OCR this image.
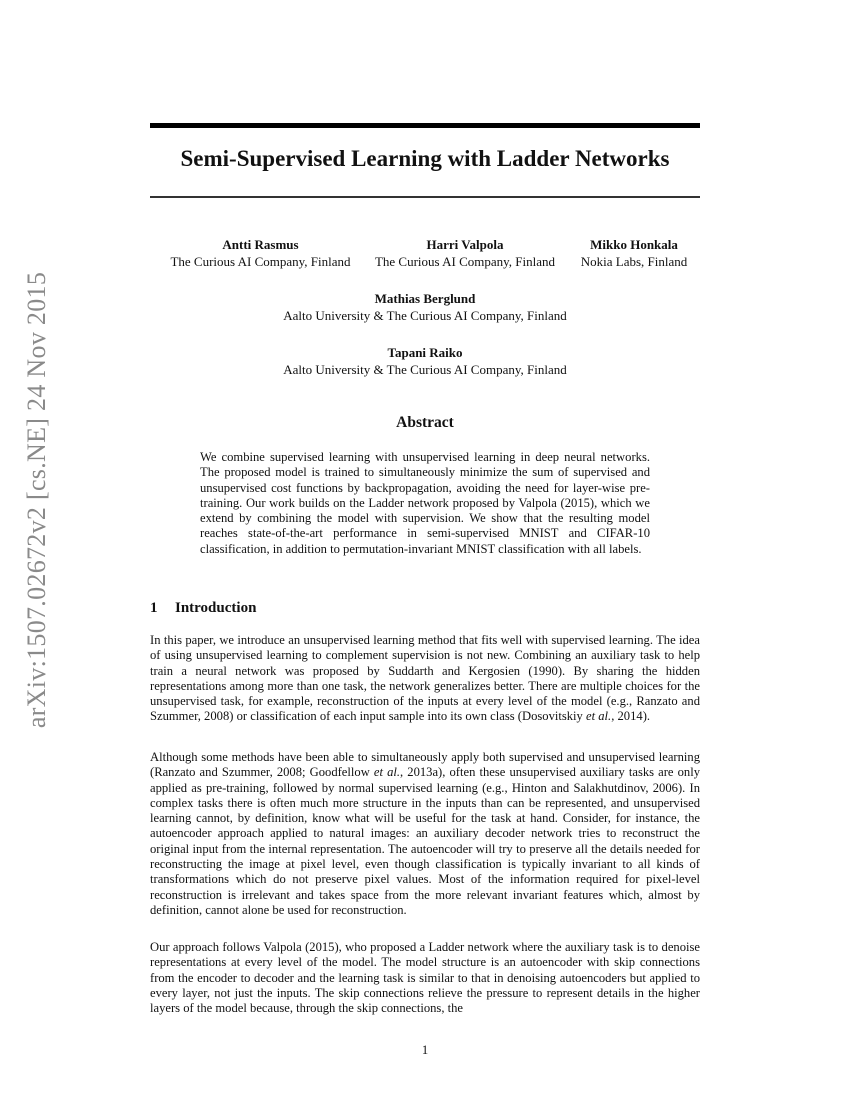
arXiv:1507.02672v2 [cs.NE] 24 Nov 2015
Semi-Supervised Learning with Ladder Networks
Antti Rasmus
The Curious AI Company, Finland
Harri Valpola
The Curious AI Company, Finland
Mikko Honkala
Nokia Labs, Finland
Mathias Berglund
Aalto University & The Curious AI Company, Finland
Tapani Raiko
Aalto University & The Curious AI Company, Finland
Abstract
We combine supervised learning with unsupervised learning in deep neural networks. The proposed model is trained to simultaneously minimize the sum of supervised and unsupervised cost functions by backpropagation, avoiding the need for layer-wise pre-training. Our work builds on the Ladder network proposed by Valpola (2015), which we extend by combining the model with supervision. We show that the resulting model reaches state-of-the-art performance in semi-supervised MNIST and CIFAR-10 classification, in addition to permutation-invariant MNIST classification with all labels.
1 Introduction
In this paper, we introduce an unsupervised learning method that fits well with supervised learning. The idea of using unsupervised learning to complement supervision is not new. Combining an auxiliary task to help train a neural network was proposed by Suddarth and Kergosien (1990). By sharing the hidden representations among more than one task, the network generalizes better. There are multiple choices for the unsupervised task, for example, reconstruction of the inputs at every level of the model (e.g., Ranzato and Szummer, 2008) or classification of each input sample into its own class (Dosovitskiy et al., 2014).
Although some methods have been able to simultaneously apply both supervised and unsupervised learning (Ranzato and Szummer, 2008; Goodfellow et al., 2013a), often these unsupervised auxiliary tasks are only applied as pre-training, followed by normal supervised learning (e.g., Hinton and Salakhutdinov, 2006). In complex tasks there is often much more structure in the inputs than can be represented, and unsupervised learning cannot, by definition, know what will be useful for the task at hand. Consider, for instance, the autoencoder approach applied to natural images: an auxiliary decoder network tries to reconstruct the original input from the internal representation. The autoencoder will try to preserve all the details needed for reconstructing the image at pixel level, even though classification is typically invariant to all kinds of transformations which do not preserve pixel values. Most of the information required for pixel-level reconstruction is irrelevant and takes space from the more relevant invariant features which, almost by definition, cannot alone be used for reconstruction.
Our approach follows Valpola (2015), who proposed a Ladder network where the auxiliary task is to denoise representations at every level of the model. The model structure is an autoencoder with skip connections from the encoder to decoder and the learning task is similar to that in denoising autoencoders but applied to every layer, not just the inputs. The skip connections relieve the pressure to represent details in the higher layers of the model because, through the skip connections, the
1
